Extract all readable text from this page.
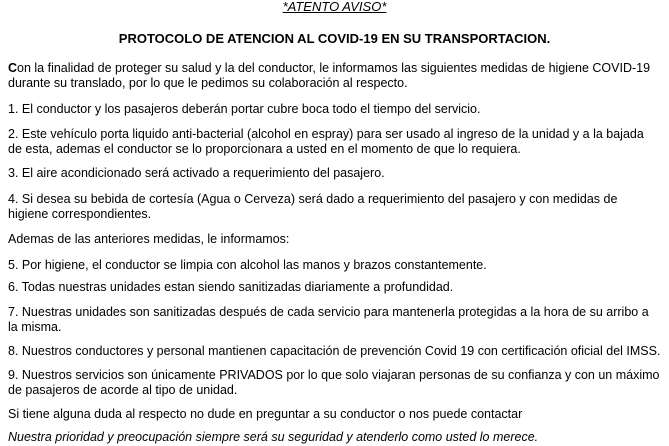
*ATENTO AVISO*
PROTOCOLO DE ATENCION AL COVID-19 EN SU TRANSPORTACION.

Con la finalidad de proteger su salud y la del conductor, le informamos las siguientes medidas de higiene COVID-19
durante su translado, por lo que le pedimos su colaboración al respecto.

1. El conductor y los pasajeros deberán portar cubre boca todo el tiempo del servicio.

2. Este vehículo porta liquido anti-bacterial (alcohol en espray) para ser usado al ingreso de la unidad y a la bajada
de esta, ademas el conductor se lo proporcionara a usted en el momento de que lo requiera.

3. El aire acondicionado será activado a requerimiento del pasajero.

4. Si desea su bebida de cortesía (Agua o Cerveza) será dado a requerimiento del pasajero y con medidas de
higiene correspondientes.

Ademas de las anteriores medidas, le informamos:

5. Por higiene, el conductor se limpia con alcohol las manos y brazos constantemente.

6. Todas nuestras unidades estan siendo sanitizadas diariamente a profundidad.

7. Nuestras unidades son sanitizadas después de cada servicio para mantenerla protegidas a la hora de su arribo a
la misma.

8. Nuestros conductores y personal mantienen capacitación de prevención Covid 19 con certificación oficial del IMSS.

9. Nuestros servicios son únicamente PRIVADOS por lo que solo viajaran personas de su confianza y con un máximo
de pasajeros de acorde al tipo de unidad.

Si tiene alguna duda al respecto no dude en preguntar a su conductor o nos puede contactar

Nuestra prioridad y preocupación siempre será su seguridad y atenderlo como usted lo merece.
